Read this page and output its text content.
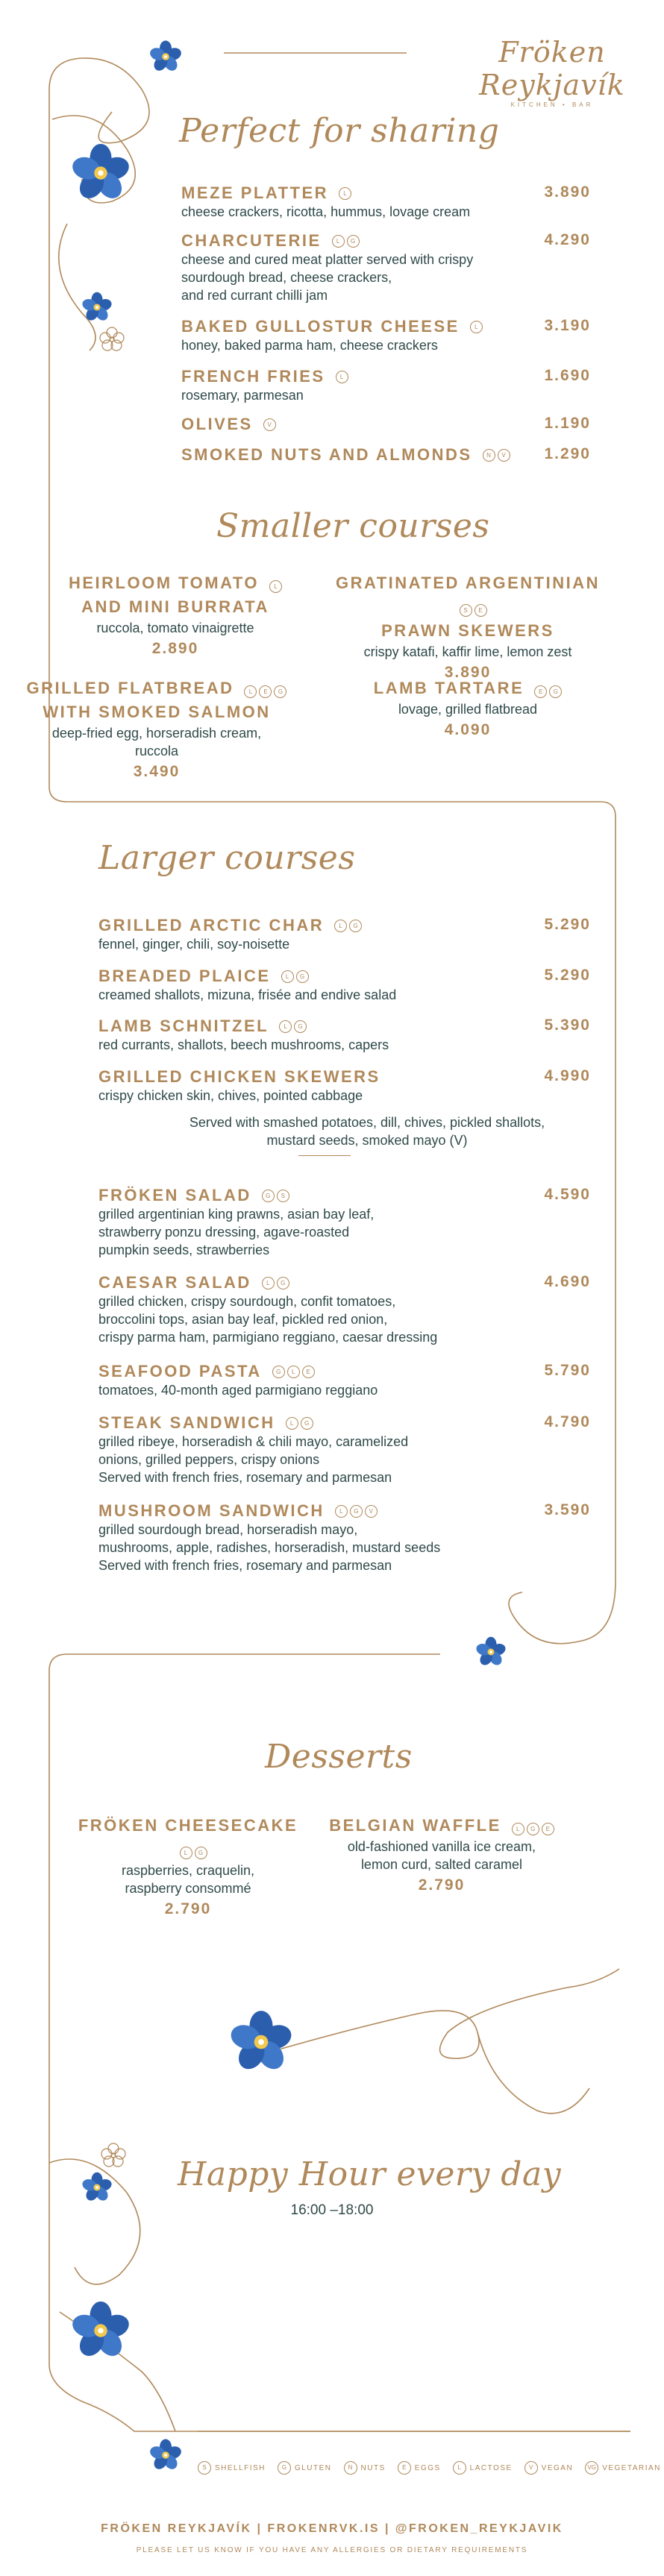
Fröken Reykjavík
KITCHEN • BAR
Perfect for sharing
MEZE PLATTER	L
cheese crackers, ricotta, hummus, lovage cream
3.890
CHARCUTERIE	L	G
cheese and cured meat platter served with crispy
sourdough bread, cheese crackers,
and red currant chilli jam
4.290
BAKED GULLOSTUR CHEESE	L
honey, baked parma ham, cheese crackers
3.190
FRENCH FRIES	L
rosemary, parmesan
1.690
OLIVES	V	1.190
SMOKED NUTS AND ALMONDS	N	V 1.290
Smaller courses
HEIRLOOM TOMATO	L
AND MINI BURRATA
ruccola, tomato vinaigrette
2.890
GRATINATED ARGENTINIAN
S	E
PRAWN SKEWERS
crispy katafi, kaffir lime, lemon zest
3.890
GRILLED FLATBREAD	L	E	G
WITH SMOKED SALMON
deep-fried egg, horseradish cream,
ruccola
3.490
LAMB TARTARE	E	G
lovage, grilled flatbread
4.090
Larger courses
GRILLED ARCTIC CHAR	L	G
fennel, ginger, chili, soy-noisette
5.290
BREADED PLAICE	L	G
creamed shallots, mizuna, frisée and endive salad
5.290
LAMB SCHNITZEL	L	G
red currants, shallots, beech mushrooms, capers
5.390
GRILLED CHICKEN SKEWERS
crispy chicken skin, chives, pointed cabbage
4.990
Served with smashed potatoes, dill, chives, pickled shallots,
mustard seeds, smoked mayo (V)
FRÖKEN SALAD	G	S
grilled argentinian king prawns, asian bay leaf,
strawberry ponzu dressing, agave-roasted
pumpkin seeds, strawberries
4.590
CAESAR SALAD	L	G
grilled chicken, crispy sourdough, confit tomatoes,
broccolini tops, asian bay leaf, pickled red onion,
crispy parma ham, parmigiano reggiano, caesar dressing
4.690
SEAFOOD PASTA	G	L	E
tomatoes, 40-month aged parmigiano reggiano
5.790
STEAK SANDWICH	L	G
grilled ribeye, horseradish & chili mayo, caramelized
onions, grilled peppers, crispy onions
Served with french fries, rosemary and parmesan
4.790
MUSHROOM SANDWICH	L	G	V
grilled sourdough bread, horseradish mayo,
mushrooms, apple, radishes, horseradish, mustard seeds
Served with french fries, rosemary and parmesan
3.590
Desserts
FRÖKEN CHEESECAKE
L	G
raspberries, craquelin,
raspberry consommé
2.790
BELGIAN WAFFLE	L	G	E
old-fashioned vanilla ice cream,
lemon curd, salted caramel
2.790
Happy Hour every day
16:00 –18:00
S	SHELLFISH	G	GLUTEN	N	NUTS	E	EGGS	L	LACTOSE	V	VEGAN	VG VEGETARIAN
FRÖKEN REYKJAVÍK | FROKENRVK.IS | @FROKEN_REYKJAVIK
PLEASE LET US KNOW IF YOU HAVE ANY ALLERGIES OR DIETARY REQUIREMENTS
